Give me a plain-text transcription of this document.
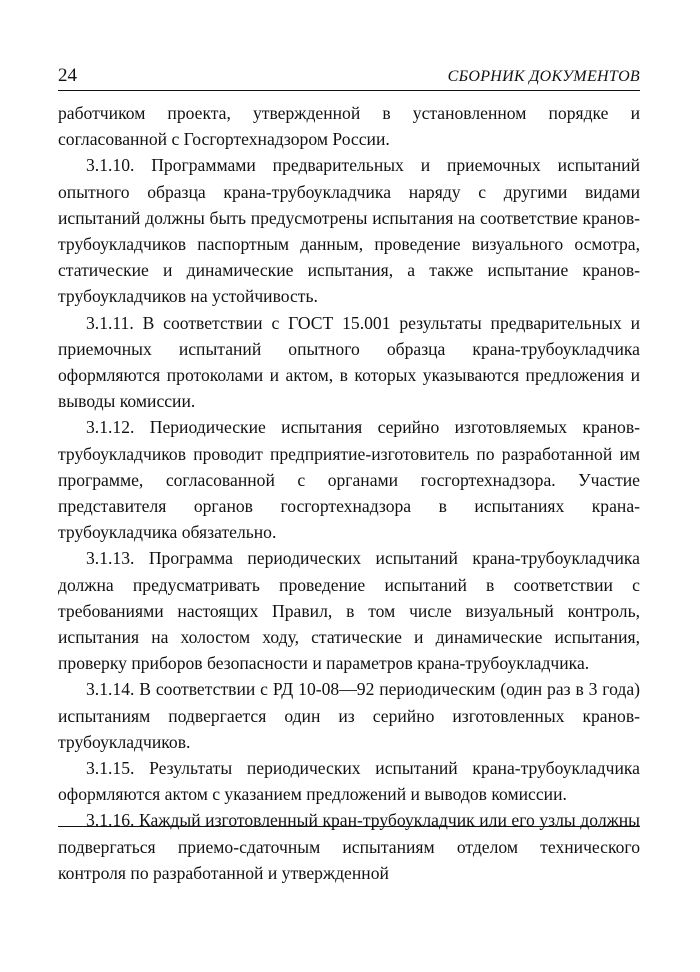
24	СБОРНИК ДОКУМЕНТОВ

работчиком проекта, утвержденной в установленном порядке и согласованной с Госгортехнадзором России.

3.1.10. Программами предварительных и приемочных испытаний опытного образца крана-трубоукладчика наряду с другими видами испытаний должны быть предусмотрены испытания на соответствие кранов-трубоукладчиков паспортным данным, проведение визуального осмотра, статические и динамические испытания, а также испытание кранов-трубоукладчиков на устойчивость.

3.1.11. В соответствии с ГОСТ 15.001 результаты предварительных и приемочных испытаний опытного образца крана-трубоукладчика оформляются протоколами и актом, в которых указываются предложения и выводы комиссии.

3.1.12. Периодические испытания серийно изготовляемых кранов-трубоукладчиков проводит предприятие-изготовитель по разработанной им программе, согласованной с органами госгортехнадзора. Участие представителя органов госгортехнадзора в испытаниях крана-трубоукладчика обязательно.

3.1.13. Программа периодических испытаний крана-трубоукладчика должна предусматривать проведение испытаний в соответствии с требованиями настоящих Правил, в том числе визуальный контроль, испытания на холостом ходу, статические и динамические испытания, проверку приборов безопасности и параметров крана-трубоукладчика.

3.1.14. В соответствии с РД 10-08—92 периодическим (один раз в 3 года) испытаниям подвергается один из серийно изготовленных кранов-трубоукладчиков.

3.1.15. Результаты периодических испытаний крана-трубоукладчика оформляются актом с указанием предложений и выводов комиссии.

3.1.16. Каждый изготовленный кран-трубоукладчик или его узлы должны подвергаться приемо-сдаточным испытаниям отделом технического контроля по разработанной и утвержденной
